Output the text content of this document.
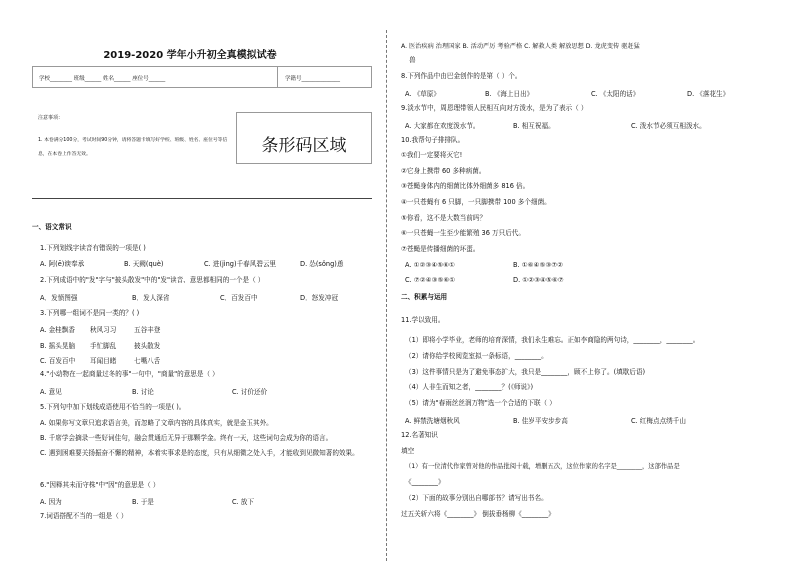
2019-2020 学年小升初全真模拟试卷
学校________ 班级______ 姓名______ 座位号______	学籍号______________
注意事项：
1. 本卷满分100分，考试时间90分钟，请将答题卡填写好学校、班级、姓名、座位号等信息，在本卷上作答无效。	条形码区域
一、语文常识
1.下列划线字读音有错误的一项是( )
A. 阿(ē)谀奉承	B. 天阙(què)	C. 进(jìng)千春风碧云里	D. 怂(sǒng)恿
2.下列成语中的"发"字与"披头散发"中的"发"读音、意思都相同的一个是（ ）
A．发愤图强	B．发人深省	C．百发百中	D．怒发冲冠
3.下列哪一组词不是同一类的？( )
A. 金桂飘香 秋风习习	五谷丰登
B. 摇头晃脑 手忙脚乱	披头散发
C. 百发百中 耳闻目睹	七嘴八舌
4."小动物在一起商量过冬的事"一句中，"商量"的意思是（ ）
A. 意见	B. 讨论	C. 讨价还价
5.下列句中加下划线成语使用不恰当的一项是( )。
A. 如果你写文章只追求语言美，而忽略了文章内容的具体真实，就是金玉其外。
B. 千席学会摘录一些好词佳句，融会贯通后无异于那颗学金。终有一天，这些词句会成为你的语言。
C. 遇到困难要关扬振奋不懈的精神，本着实事求是的态度，只有从细微之处入手，才能收到见微知著的效果。
6."因释其未而守株"中"因"的意思是（ ）
A. 因为	B. 于是	C. 放下
7.词语搭配不当的一组是（ ）
A. 医治疾病 治理国家 B. 活动严厉 考验严格 C. 解救人类 解放思想 D. 龙虎变传 驱赶猛
兽
8.下列作品中由巴金创作的是第（ ）个。
A. 《草原》	B. 《海上日出》	C. 《太阳的话》	D. 《落花生》
9.淡水节中，周恩理带领人民相互向对方泼水，是为了表示（ ）
A. 大家都在欢度泼水节。	B. 相互祝福。	C. 泼水节必须互相泼水。
10.我帮句子排排队。
①我们一定要将灭它!
②它身上携带 60 多种病菌。
③苍蝇身体内的细菌比体外细菌多 816 倍。
④一只苍蝇有 6 只脚，一只脚携带 100 多个细菌。
⑤你看，这不是大数当前吗？
⑥一只苍蝇一生至少能繁殖 36 万只后代。
⑦苍蝇是传播细菌的坏蛋。
A. ①②③④⑤⑥①	B. ①⑥④⑤③⑦②
C. ⑦②④③⑤⑥①	D. ①②③④⑤⑥⑦
二、积累与运用
11.学以致用。
（1）即将小学毕业，老师的培育深情，我们永生难忘。正如李商隐的两句诗，________，________。
（2）请你给学校阅览室拟一条标语，________。
（3）这件事情只是为了避免事态扩大，我只是________，顾不上你了。(填歇后语)
（4）人非生而知之者，________？(《师说》)
（5）请为"春雨丝丝润万物"选一个合适的下联（ ）
A. 鲜禁洗塘烟秋风	B. 佳岁平安步步高	C. 红梅点点绣千山
12.名著知识
填空
（1）有一位清代作家曾对他的作品批阅十载，增删五次，这位作家的名字是________，这部作品是
《________》
（2）下面的故事分别出自哪部书？请写出书名。
过五关斩六将《________》 倒拔垂杨柳《________》
